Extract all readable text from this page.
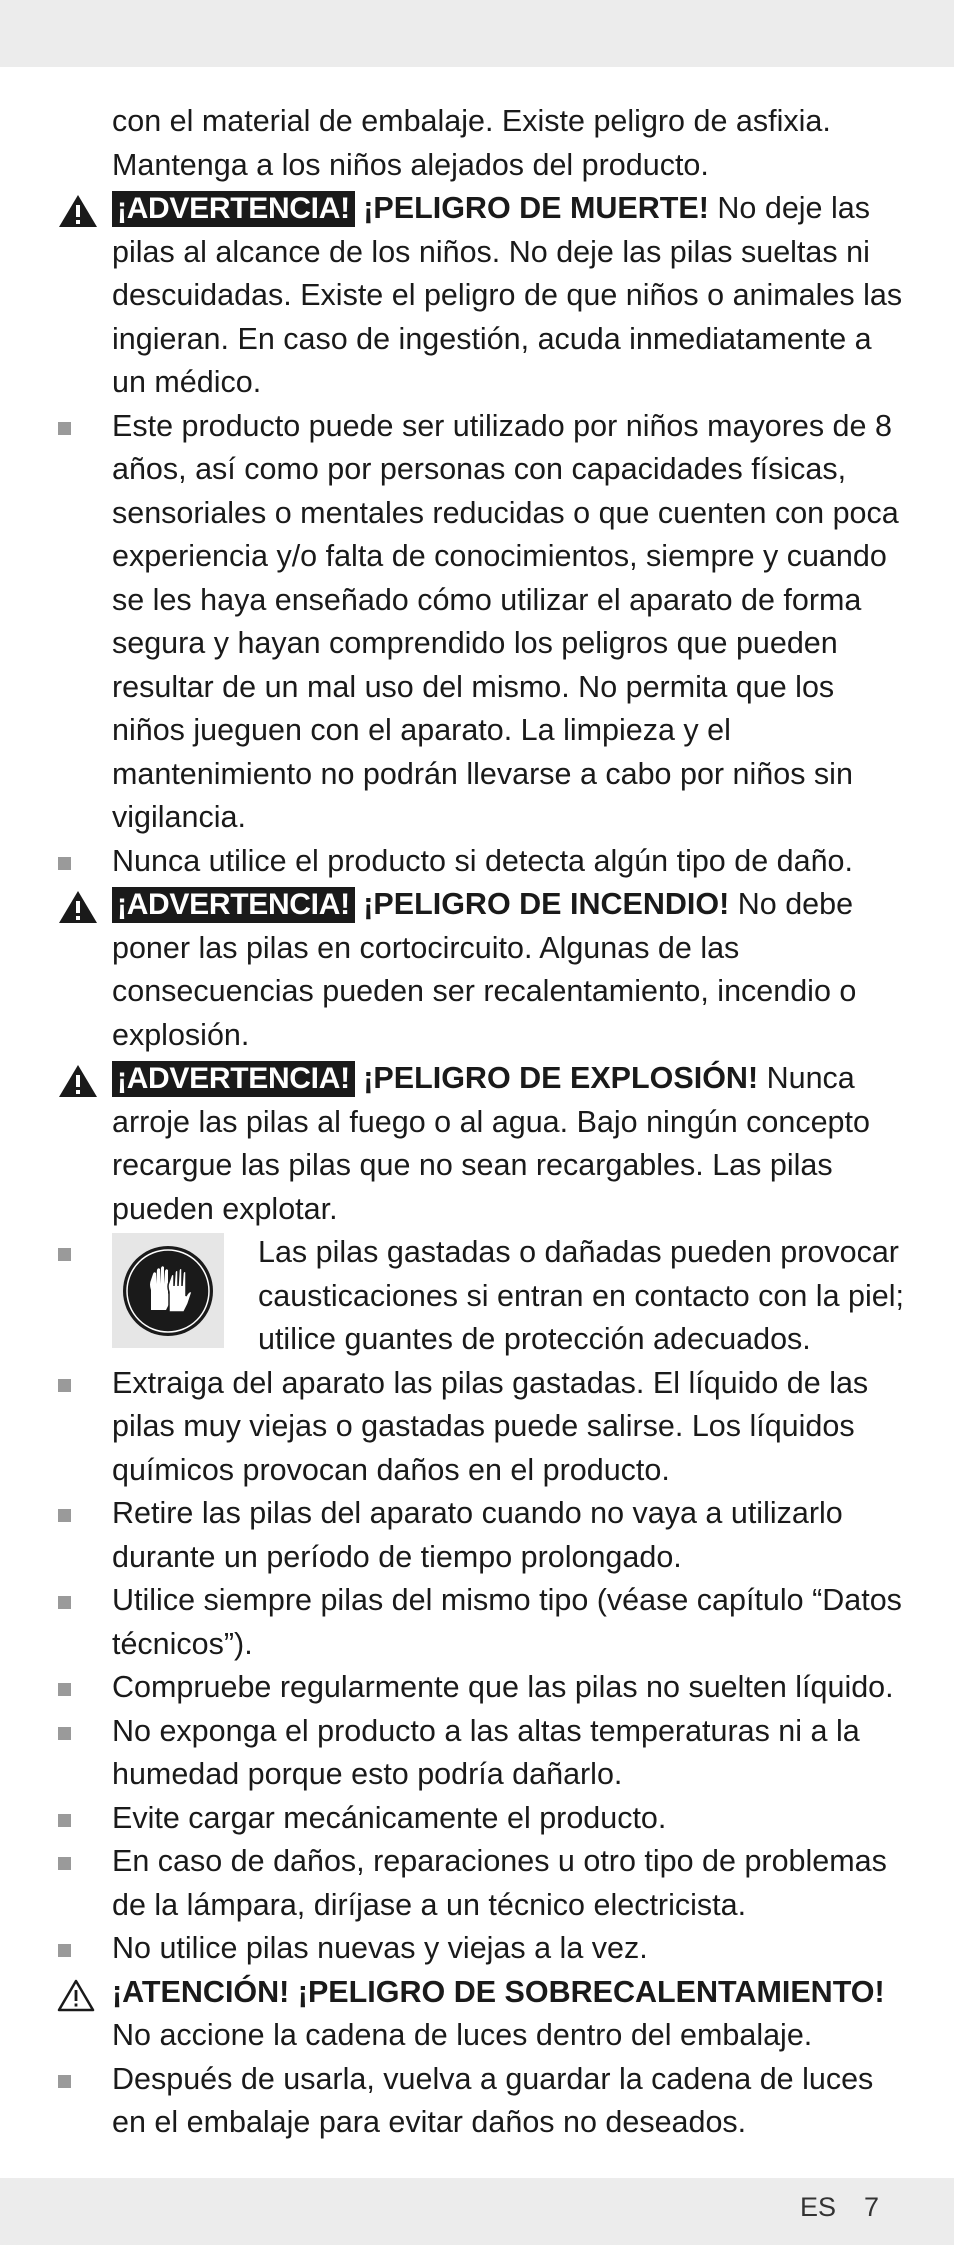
con el material de embalaje. Existe peligro de asfixia. Mantenga a los niños alejados del producto.
¡ADVERTENCIA! ¡PELIGRO DE MUERTE! No deje las pilas al alcance de los niños. No deje las pilas sueltas ni descuidadas. Existe el peligro de que niños o animales las ingieran. En caso de ingestión, acuda inmediatamente a un médico.
Este producto puede ser utilizado por niños mayores de 8 años, así como por personas con capacidades físicas, sensoriales o mentales reducidas o que cuenten con poca experiencia y/o falta de conocimientos, siempre y cuando se les haya enseñado cómo utilizar el aparato de forma segura y hayan comprendido los peligros que pueden resultar de un mal uso del mismo. No permita que los niños jueguen con el aparato. La limpieza y el mantenimiento no podrán llevarse a cabo por niños sin vigilancia.
Nunca utilice el producto si detecta algún tipo de daño.
¡ADVERTENCIA! ¡PELIGRO DE INCENDIO! No debe poner las pilas en cortocircuito. Algunas de las consecuencias pueden ser recalentamiento, incendio o explosión.
¡ADVERTENCIA! ¡PELIGRO DE EXPLOSIÓN! Nunca arroje las pilas al fuego o al agua. Bajo ningún concepto recargue las pilas que no sean recargables. Las pilas pueden explotar.
Las pilas gastadas o dañadas pueden provocar causticaciones si entran en contacto con la piel; utilice guantes de protección adecuados.
Extraiga del aparato las pilas gastadas. El líquido de las pilas muy viejas o gastadas puede salirse. Los líquidos químicos provocan daños en el producto.
Retire las pilas del aparato cuando no vaya a utilizarlo durante un período de tiempo prolongado.
Utilice siempre pilas del mismo tipo (véase capítulo “Datos técnicos”).
Compruebe regularmente que las pilas no suelten líquido.
No exponga el producto a las altas temperaturas ni a la humedad porque esto podría dañarlo.
Evite cargar mecánicamente el producto.
En caso de daños, reparaciones u otro tipo de problemas de la lámpara, diríjase a un técnico electricista.
No utilice pilas nuevas y viejas a la vez.
¡ATENCIÓN! ¡PELIGRO DE SOBRECALENTAMIENTO!
No accione la cadena de luces dentro del embalaje.
Después de usarla, vuelva a guardar la cadena de luces en el embalaje para evitar daños no deseados.
ES 7
